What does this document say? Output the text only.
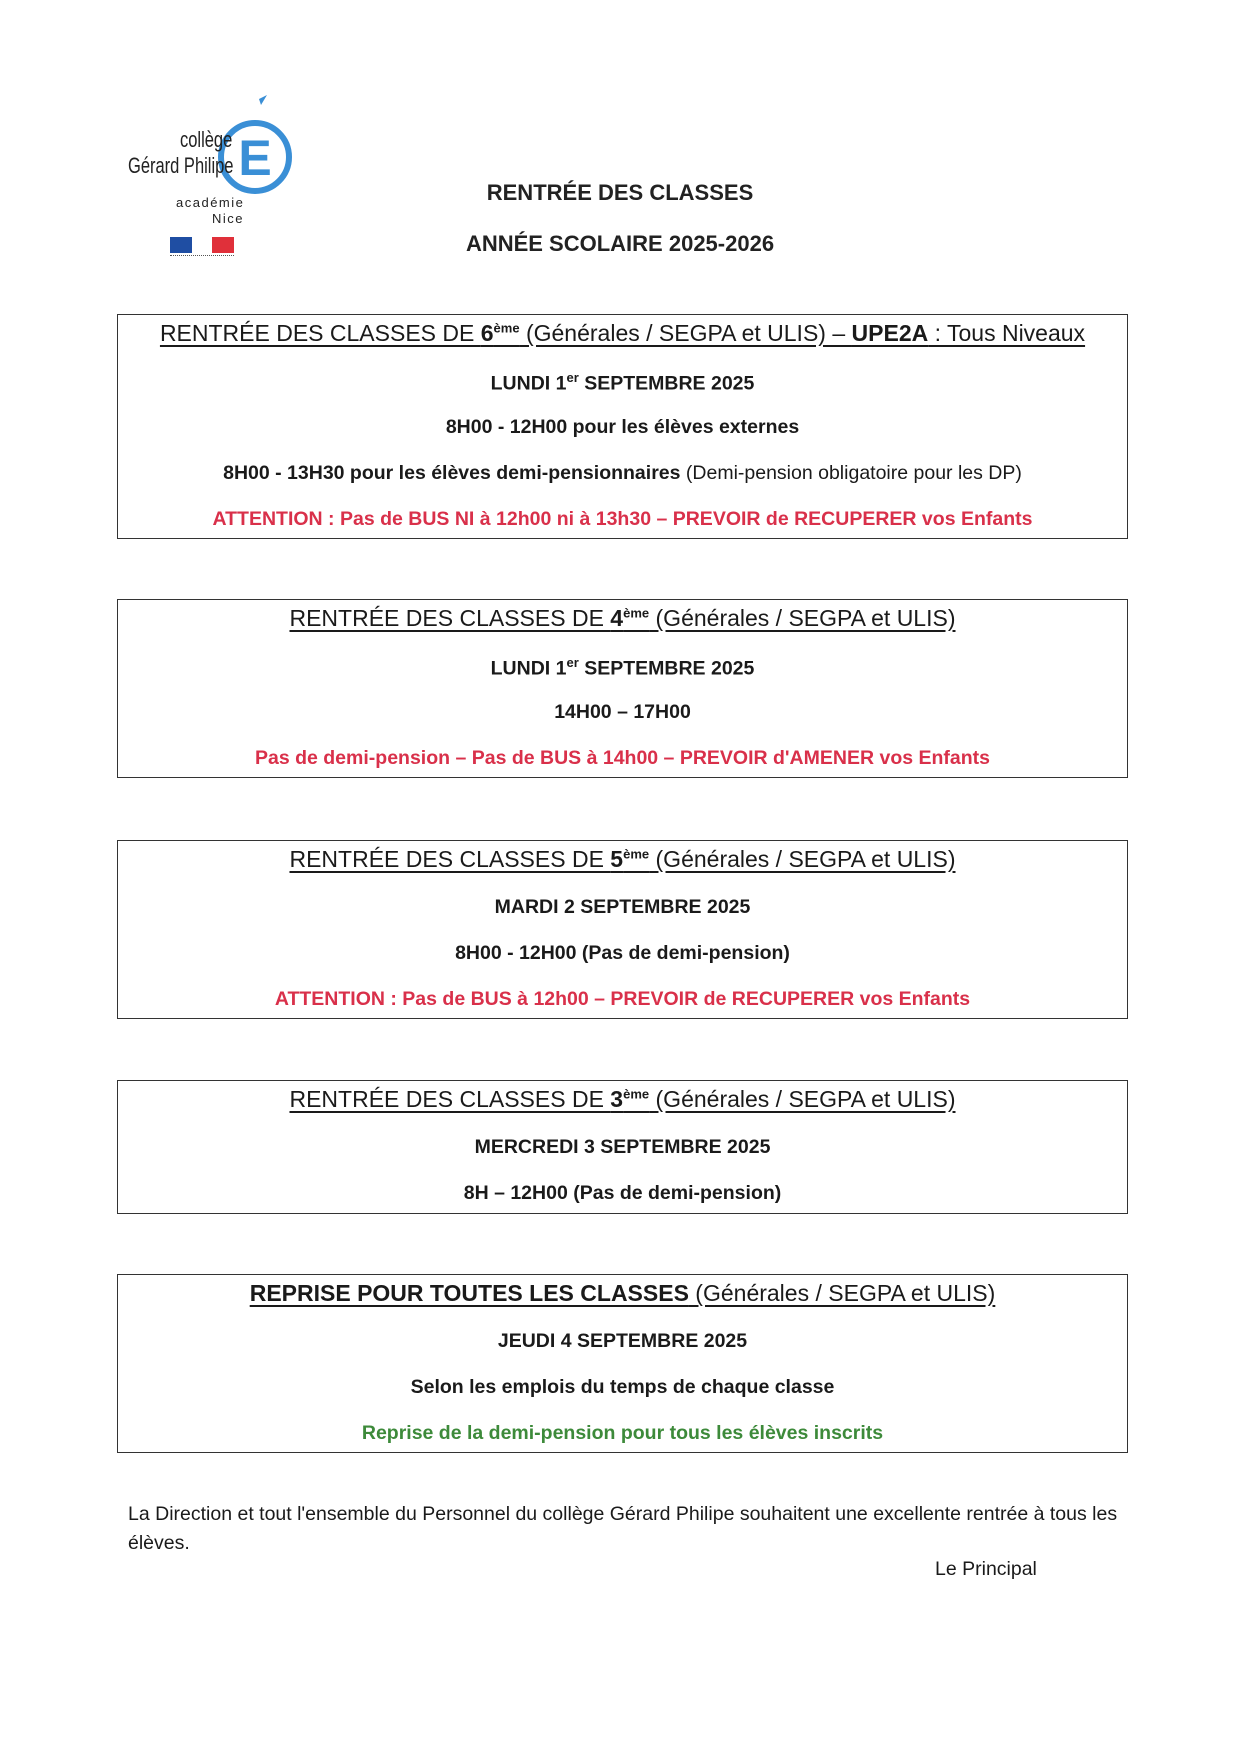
E
collège
Gérard Philipe
académie
Nice
RENTRÉE DES CLASSES
ANNÉE SCOLAIRE 2025-2026
RENTRÉE DES CLASSES DE 6ème (Générales / SEGPA et ULIS) – UPE2A : Tous Niveaux
LUNDI 1er SEPTEMBRE 2025
8H00 - 12H00 pour les élèves externes
8H00 - 13H30 pour les élèves demi-pensionnaires (Demi-pension obligatoire pour les DP)
ATTENTION : Pas de BUS NI à 12h00 ni à 13h30 – PREVOIR de RECUPERER vos Enfants
RENTRÉE DES CLASSES DE 4ème (Générales / SEGPA et ULIS)
LUNDI 1er SEPTEMBRE 2025
14H00 – 17H00
Pas de demi-pension – Pas de BUS à 14h00 – PREVOIR d'AMENER vos Enfants
RENTRÉE DES CLASSES DE 5ème (Générales / SEGPA et ULIS)
MARDI 2 SEPTEMBRE 2025
8H00 - 12H00 (Pas de demi-pension)
ATTENTION : Pas de BUS à 12h00 – PREVOIR de RECUPERER vos Enfants
RENTRÉE DES CLASSES DE 3ème (Générales / SEGPA et ULIS)
MERCREDI 3 SEPTEMBRE 2025
8H – 12H00 (Pas de demi-pension)
REPRISE POUR TOUTES LES CLASSES (Générales / SEGPA et ULIS)
JEUDI 4 SEPTEMBRE 2025
Selon les emplois du temps de chaque classe
Reprise de la demi-pension pour tous les élèves inscrits
La Direction et tout l'ensemble du Personnel du collège Gérard Philipe souhaitent une excellente rentrée à tous les élèves.
Le Principal
